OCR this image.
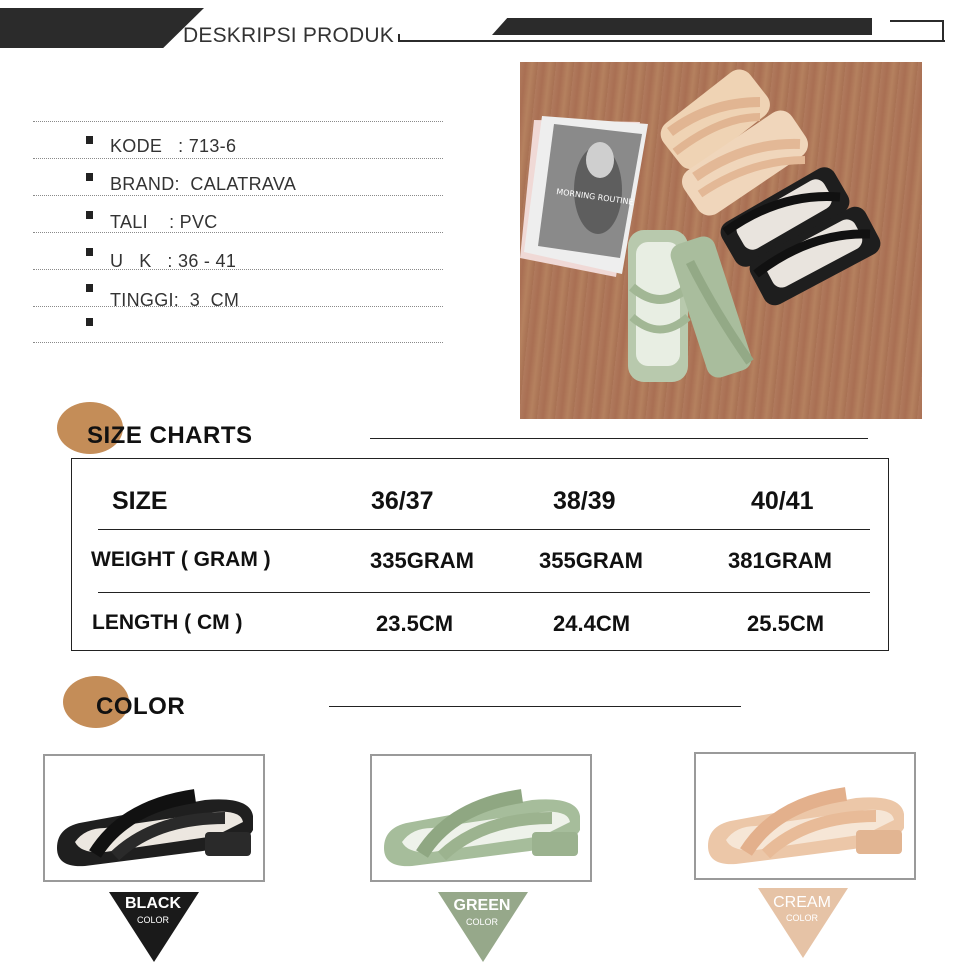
DESKRIPSI PRODUK
KODE   : 713-6
BRAND:  CALATRAVA
TALI    : PVC
U   K   : 36 - 41
TINGGI:  3  CM
MORNING ROUTINE
SIZE CHARTS
SIZE	36/37	38/39	40/41
WEIGHT ( GRAM )	335GRAM	355GRAM	381GRAM
LENGTH ( CM )	23.5CM	24.4CM	25.5CM
COLOR
BLACK
COLOR
GREEN
COLOR
CREAM
COLOR
